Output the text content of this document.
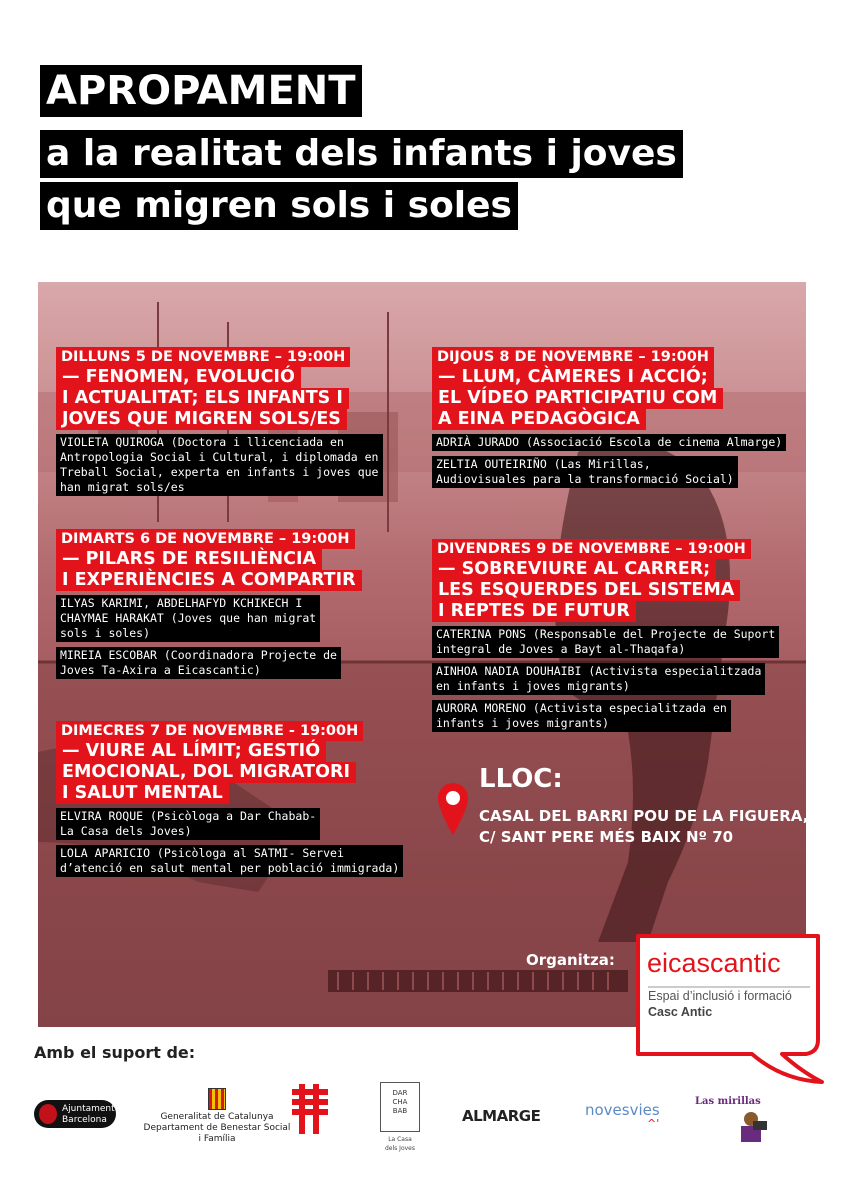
APROPAMENT
a la realitat dels infants i joves
que migren sols i soles
DILLUNS 5 DE NOVEMBRE – 19:00H
— FENOMEN, EVOLUCIÓ
I ACTUALITAT; ELS INFANTS I
JOVES QUE MIGREN SOLS/ES
VIOLETA QUIROGA (Doctora i llicenciada en
Antropologia Social i Cultural, i diplomada en
Treball Social, experta en infants i joves que
han migrat sols/es
DIMARTS 6 DE NOVEMBRE – 19:00H
— PILARS DE RESILIÈNCIA
I EXPERIÈNCIES A COMPARTIR
ILYAS KARIMI, ABDELHAFYD KCHIKECH I
CHAYMAE HARAKAT (Joves que han migrat
sols i soles)
MIREIA ESCOBAR (Coordinadora Projecte de
Joves Ta-Axira a Eicascantic)
DIMECRES 7 DE NOVEMBRE - 19:00H
— VIURE AL LÍMIT; GESTIÓ
EMOCIONAL, DOL MIGRATORI
I SALUT MENTAL
ELVIRA ROQUE (Psicòloga a Dar Chabab-
La Casa dels Joves)
LOLA APARICIO (Psicòloga al SATMI- Servei
d’atenció en salut mental per població immigrada)
DIJOUS 8 DE NOVEMBRE – 19:00H
— LLUM, CÀMERES I ACCIÓ;
EL VÍDEO PARTICIPATIU COM
A EINA PEDAGÒGICA
ADRIÀ JURADO (Associació Escola de cinema Almarge)
ZELTIA OUTEIRIÑO (Las Mirillas,
Audiovisuales para la transformació Social)
DIVENDRES 9 DE NOVEMBRE – 19:00H
— SOBREVIURE AL CARRER;
LES ESQUERDES DEL SISTEMA
I REPTES DE FUTUR
CATERINA PONS (Responsable del Projecte de Suport
integral de Joves a Bayt al-Thaqafa)
AINHOA NADIA DOUHAIBI (Activista especialitzada
en infants i joves migrants)
AURORA MORENO (Activista especialitzada en
infants i joves migrants)
LLOC:
CASAL DEL BARRI POU DE LA FIGUERA,
C/ SANT PERE MÉS BAIX Nº 70
Organitza: eicascantic
Espai d’inclusió i formació
Casc Antic
Amb el suport de:
Ajuntament de
Barcelona	Generalitat de Catalunya
Departament de Benestar Social
i Família
DAR
CHA
BAB
La Casa
dels Joves
ALMARGE	novesvies
^'
Las mirillas
